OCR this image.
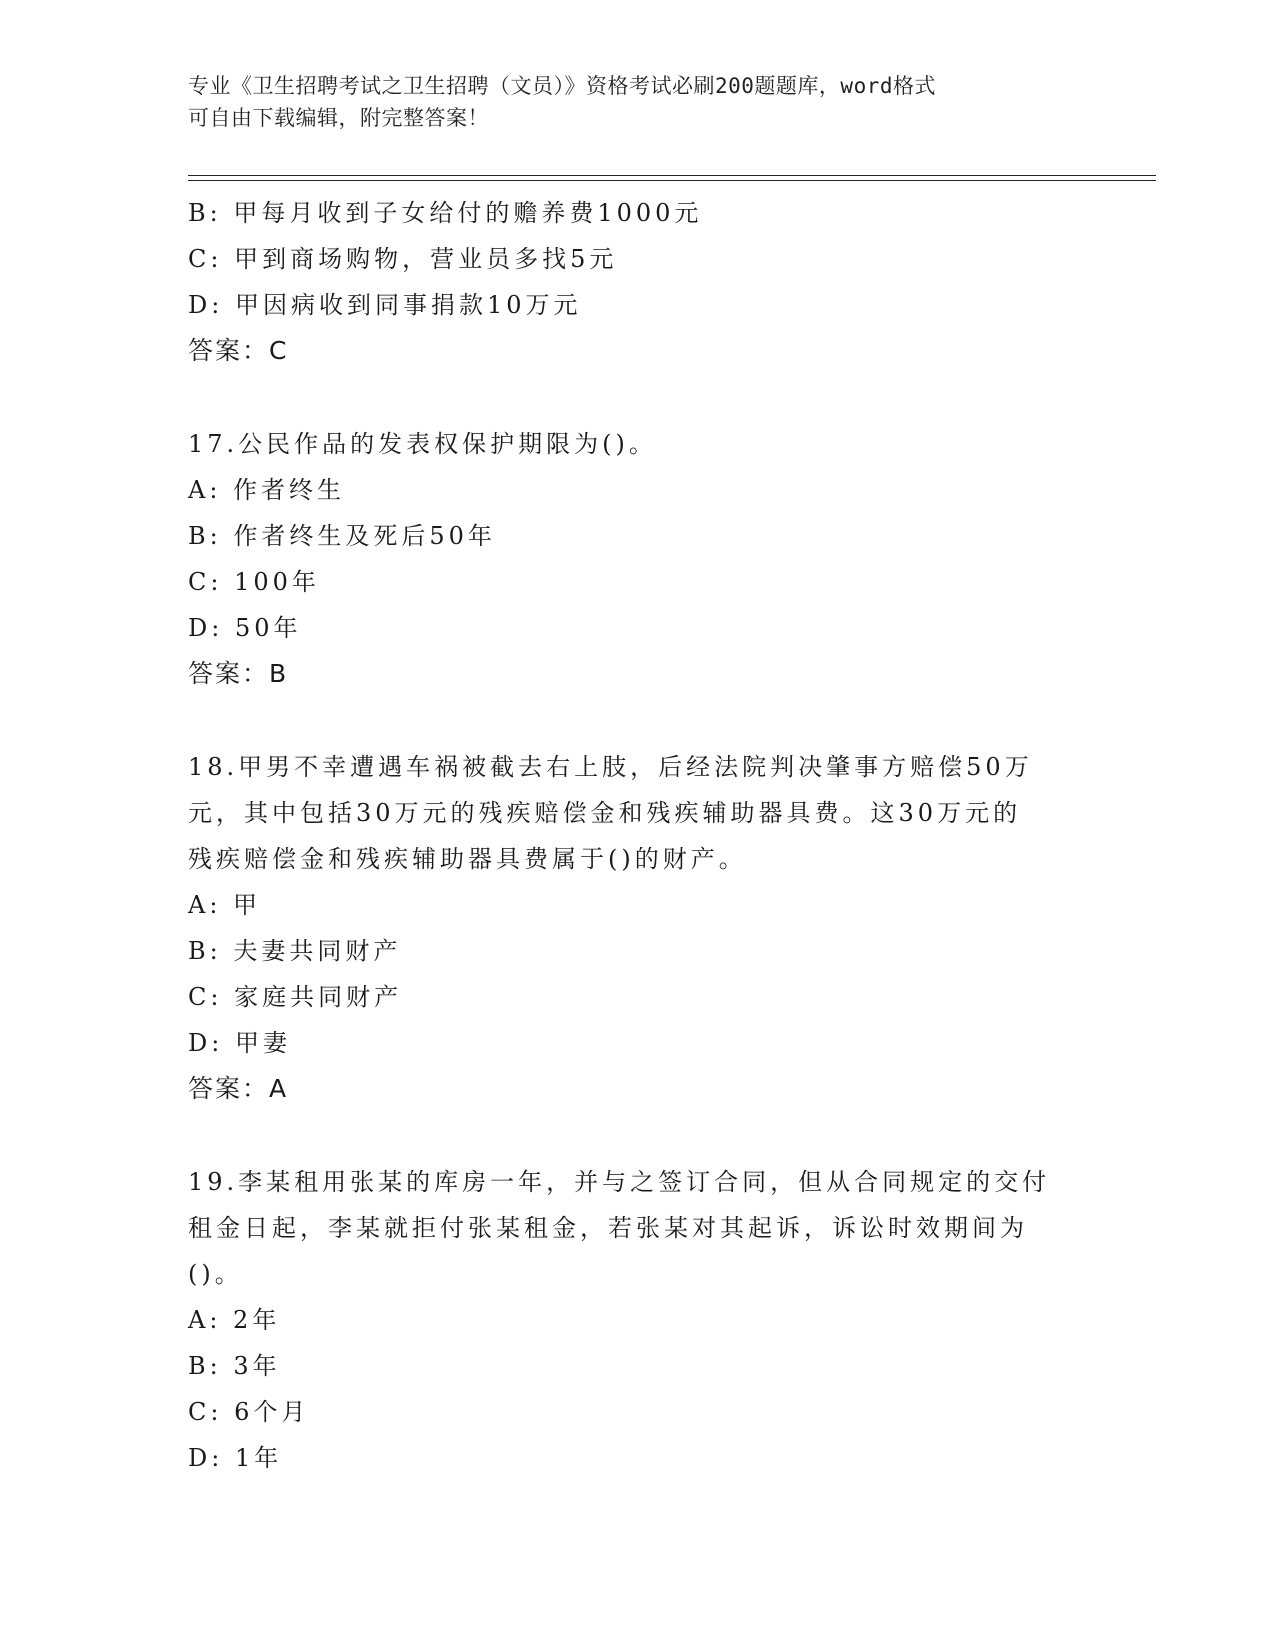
专业《卫生招聘考试之卫生招聘（文员）》资格考试必刷200题题库，word格式
可自由下载编辑，附完整答案！
B: 甲每月收到子女给付的赡养费1000元
C: 甲到商场购物，营业员多找5元
D: 甲因病收到同事捐款10万元
答案：C
17.公民作品的发表权保护期限为()。
A: 作者终生
B: 作者终生及死后50年
C: 100年
D: 50年
答案：B
18.甲男不幸遭遇车祸被截去右上肢，后经法院判决肇事方赔偿50万
元，其中包括30万元的残疾赔偿金和残疾辅助器具费。这30万元的
残疾赔偿金和残疾辅助器具费属于()的财产。
A: 甲
B: 夫妻共同财产
C: 家庭共同财产
D: 甲妻
答案：A
19.李某租用张某的库房一年，并与之签订合同，但从合同规定的交付
租金日起，李某就拒付张某租金，若张某对其起诉，诉讼时效期间为
()。
A: 2年
B: 3年
C: 6个月
D: 1年
